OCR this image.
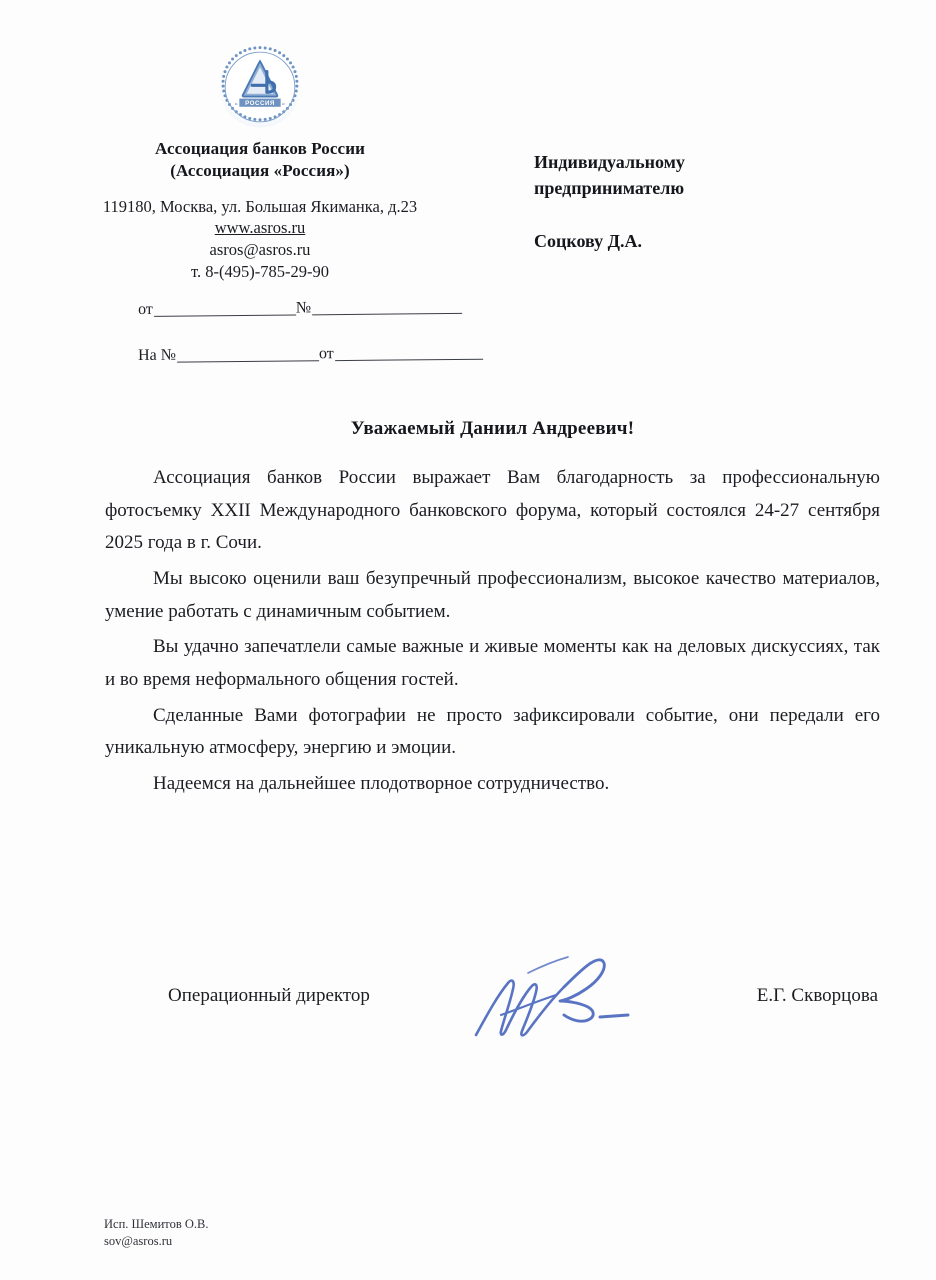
РОССИЯ
«	»
Ассоциация банков России
(Ассоциация «Россия»)
119180, Москва, ул. Большая Якиманка, д.23
www.asros.ru
asros@asros.ru
т. 8-(495)-785-29-90
от	№
На №	от
Индивидуальному
предпринимателю
Соцкову Д.А.
Уважаемый Даниил Андреевич!

Ассоциация банков России выражает Вам благодарность за профессиональную фотосъемку XXII Международного банковского форума, который состоялся 24-27 сентября 2025 года в г. Сочи.

Мы высоко оценили ваш безупречный профессионализм, высокое качество материалов, умение работать с динамичным событием.

Вы удачно запечатлели самые важные и живые моменты как на деловых дискуссиях, так и во время неформального общения гостей.

Сделанные Вами фотографии не просто зафиксировали событие, они передали его уникальную атмосферу, энергию и эмоции.

Надеемся на дальнейшее плодотворное сотрудничество.

Операционный директор	Е.Г. Скворцова
Исп. Шемитов О.В.
sov@asros.ru
